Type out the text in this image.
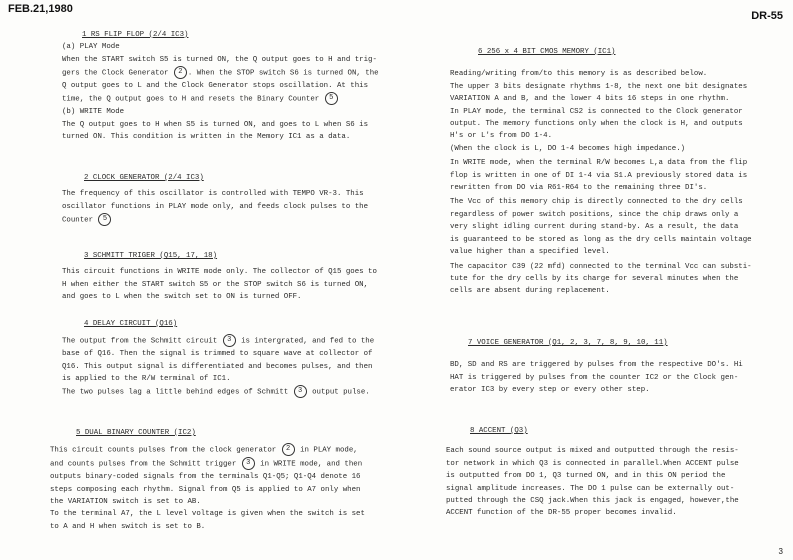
FEB.21,1980
DR-55
3

1 RS FLIP FLOP (2/4 IC3)

(a) PLAY Mode

When the START switch S5 is turned ON, the Q output goes to H and trig-

gers the Clock Generator 2 . When the STOP switch S6 is turned ON, the

Q output goes to L and the Clock Generator stops oscillation. At this

time, the Q output goes to H and resets the Binary Counter 5

(b) WRITE Mode

The Q output goes to H when S5 is turned ON, and goes to L when S6 is

turned ON. This condition is written in the Memory IC1 as a data.

2 CLOCK GENERATOR (2/4 IC3)

The frequency of this oscillator is controlled with TEMPO VR-3. This

oscillator functions in PLAY mode only, and feeds clock pulses to the

Counter 5

3 SCHMITT TRIGER (Q15, 17, 18)

This circuit functions in WRITE mode only. The collector of Q15 goes to

H when either the START switch S5 or the STOP switch S6 is turned ON,

and goes to L when the switch set to ON is turned OFF.

4 DELAY CIRCUIT (Q16)

The output from the Schmitt circuit 3 is intergrated, and fed to the

base of Q16. Then the signal is trimmed to square wave at collector of

Q16. This output signal is differentiated and becomes pulses, and then

is applied to the R/W terminal of IC1.

The two pulses lag a little behind edges of Schmitt 3 output pulse.

5 DUAL BINARY COUNTER (IC2)

This circuit counts pulses from the clock generator 2 in PLAY mode,

and counts pulses from the Schmitt trigger 3 in WRITE mode, and then

outputs binary-coded signals from the terminals Q1-Q5; Q1-Q4 denote 16

steps composing each rhythm. Signal from Q5 is applied to A7 only when

the VARIATION switch is set to AB.

To the terminal A7, the L level voltage is given when the switch is set

to A and H when switch is set to B.

6 256 x 4 BIT CMOS MEMORY (IC1)

Reading/writing from/to this memory is as described below.

The upper 3 bits designate rhythms 1-8, the next one bit designates

VARIATION A and B, and the lower 4 bits 16 steps in one rhythm.

In PLAY mode, the terminal CS2 is connected to the Clock generator

output. The memory functions only when the clock is H, and outputs

H's or L's from DO 1-4.

(When the clock is L, DO 1-4 becomes high impedance.)

In WRITE mode, when the terminal R/W becomes L,a data from the flip

flop is written in one of DI 1-4 via S1.A previously stored data is

rewritten from DO via R61-R64 to the remaining three DI's.

The Vcc of this memory chip is directly connected to the dry cells

regardless of power switch positions, since the chip draws only a

very slight idling current during stand-by. As a result, the data

is guaranteed to be stored as long as the dry cells maintain voltage

value higher than a specified level.

The capacitor C39 (22 mfd) connected to the terminal Vcc can substi-

tute for the dry cells by its charge for several minutes when the

cells are absent during replacement.

7 VOICE GENERATOR (Q1, 2, 3, 7, 8, 9, 10, 11)

BD, SD and RS are triggered by pulses from the respective DO's. Hi

HAT is triggered by pulses from the counter IC2 or the Clock gen-

erator IC3 by every step or every other step.

8 ACCENT (Q3)

Each sound source output is mixed and outputted through the resis-

tor network in which Q3 is connected in parallel.When ACCENT pulse

is outputted from DO 1, Q3 turned ON, and in this ON period the

signal amplitude increases. The DO 1 pulse can be externally out-

putted through the CSQ jack.When this jack is engaged, however,the

ACCENT function of the DR-55 proper becomes invalid.
